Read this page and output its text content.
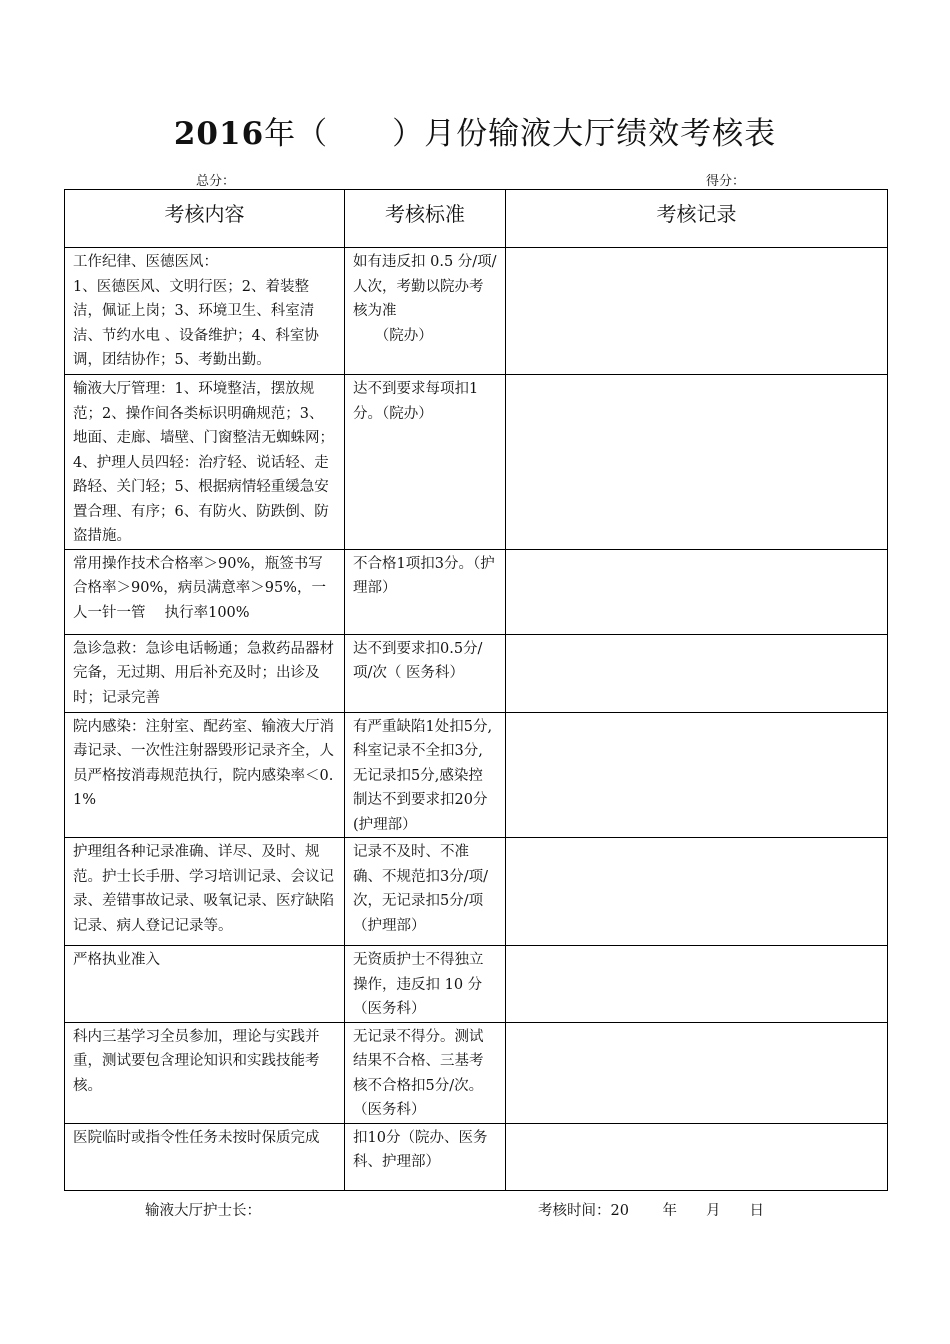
2016年（　　）月份输液大厅绩效考核表
总分：	得分：
考核内容	考核标准	考核记录

工作纪律、医德医风：
1、医德医风、文明行医；2、着装整洁，佩证上岗；3、环境卫生、科室清洁、节约水电 、设备维护；4、科室协调，团结协作；5、考勤出勤。	如有违反扣 0.5 分/项/人次，考勤以院办考核为准
　　（院办）	

输液大厅管理：1、环境整洁，摆放规范；2、操作间各类标识明确规范；3、地面、走廊、墙壁、门窗整洁无蜘蛛网；4、护理人员四轻：治疗轻、说话轻、走路轻、关门轻；5、根据病情轻重缓急安置合理、有序；6、有防火、防跌倒、防盗措施。	达不到要求每项扣1分。（院办）	

常用操作技术合格率＞90%，瓶签书写合格率＞90%，病员满意率＞95%，一人一针一管　 执行率100%	不合格1项扣3分。（护理部）	

急诊急救：急诊电话畅通；急救药品器材完备，无过期、用后补充及时；出诊及时；记录完善	达不到要求扣0.5分/项/次（ 医务科）	

院内感染：注射室、配药室、输液大厅消毒记录、一次性注射器毁形记录齐全，人员严格按消毒规范执行，院内感染率＜0.1%	有严重缺陷1处扣5分,科室记录不全扣3分,无记录扣5分,感染控制达不到要求扣20分(护理部）	

护理组各种记录准确、详尽、及时、规范。护士长手册、学习培训记录、会议记录、差错事故记录、吸氧记录、医疗缺陷记录、病人登记记录等。	记录不及时、不准确、不规范扣3分/项/次，无记录扣5分/项（护理部）	

严格执业准入	无资质护士不得独立操作，违反扣 10 分（医务科）	

科内三基学习全员参加，理论与实践并重，测试要包含理论知识和实践技能考核。	无记录不得分。测试结果不合格、三基考核不合格扣5分/次。（医务科）	

医院临时或指令性任务未按时保质完成	扣10分（院办、医务科、护理部）	

输液大厅护士长：	考核时间：20　　 年　　月　　日
